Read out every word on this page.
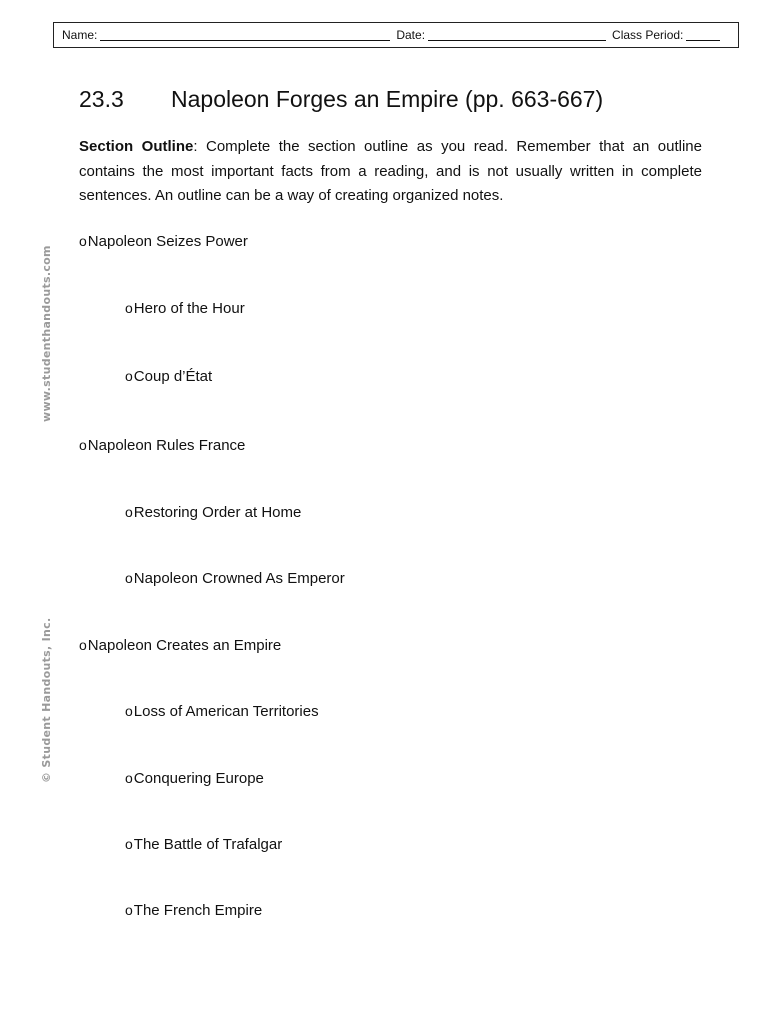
Name:	Date:	Class Period:
www.studenthandouts.com
© Student Handouts, Inc.
23.3 Napoleon Forges an Empire (pp. 663-667)
Section Outline: Complete the section outline as you read. Remember that an outline contains the most important facts from a reading, and is not usually written in complete sentences. An outline can be a way of creating organized notes.
oNapoleon Seizes Power
oHero of the Hour
oCoup d’État
oNapoleon Rules France
oRestoring Order at Home
oNapoleon Crowned As Emperor
oNapoleon Creates an Empire
oLoss of American Territories
oConquering Europe
oThe Battle of Trafalgar
oThe French Empire
